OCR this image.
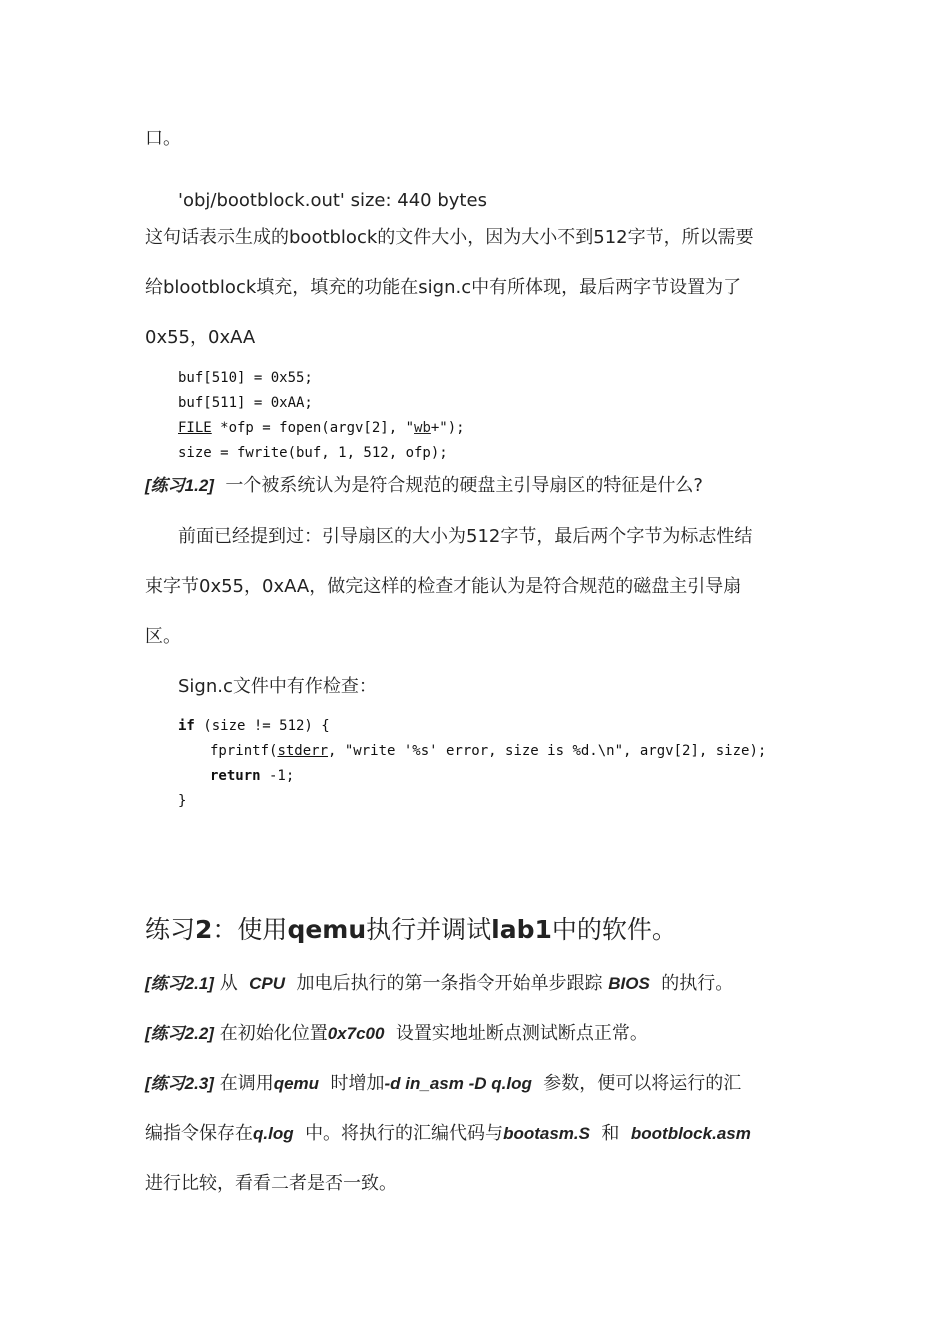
口。
'obj/bootblock.out' size: 440 bytes
这句话表示生成的bootblock的文件大小，因为大小不到512字节，所以需要
给blootblock填充，填充的功能在sign.c中有所体现，最后两字节设置为了
0x55，0xAA
buf[510] = 0x55;
buf[511] = 0xAA;
FILE *ofp = fopen(argv[2], "wb+");
size = fwrite(buf, 1, 512, ofp);
[练习1.2] 一个被系统认为是符合规范的硬盘主引导扇区的特征是什么?
前面已经提到过：引导扇区的大小为512字节，最后两个字节为标志性结
束字节0x55，0xAA，做完这样的检查才能认为是符合规范的磁盘主引导扇
区。
Sign.c文件中有作检查：
if (size != 512) {
fprintf(stderr, "write '%s' error, size is %d.\n", argv[2], size);
return -1;
}
练习2：使用qemu执行并调试lab1中的软件。
[练习2.1] 从 CPU 加电后执行的第一条指令开始单步跟踪 BIOS 的执行。
[练习2.2] 在初始化位置0x7c00 设置实地址断点测试断点正常。
[练习2.3] 在调用qemu 时增加-d in_asm -D q.log 参数，便可以将运行的汇
编指令保存在q.log 中。将执行的汇编代码与bootasm.S 和 bootblock.asm
进行比较，看看二者是否一致。
